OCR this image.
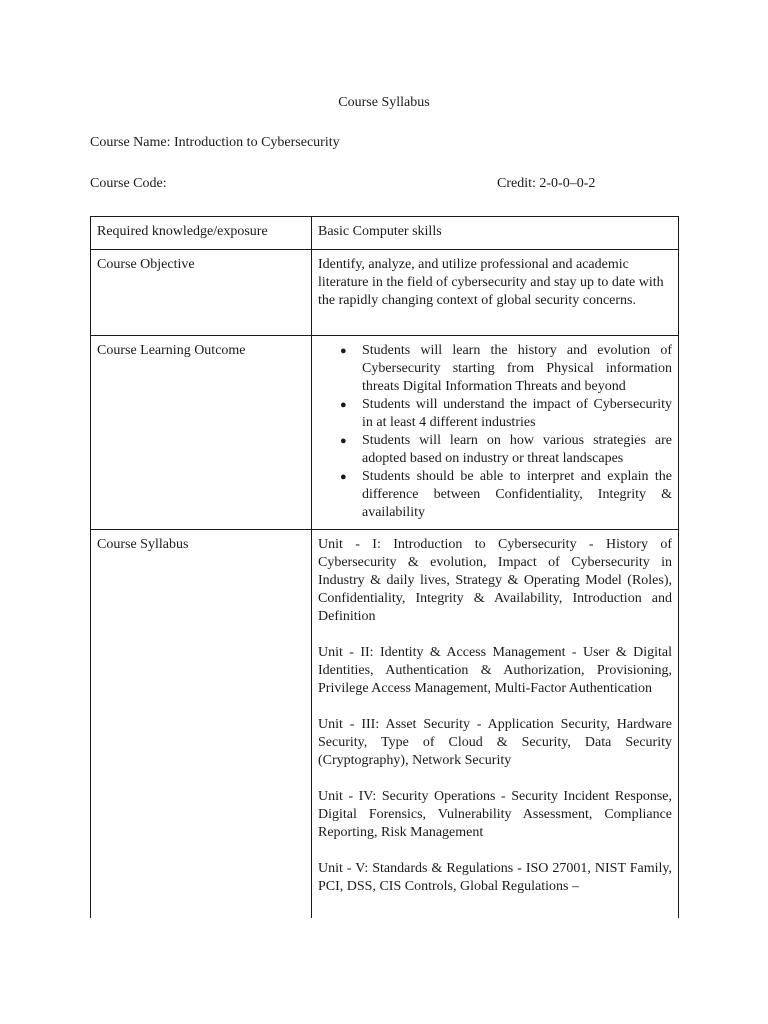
Course Syllabus
Course Name: Introduction to Cybersecurity
Course Code:	Credit: 2-0-0–0-2
Required knowledge/exposure	Basic Computer skills
Course Objective	Identify, analyze, and utilize professional and academic literature in the field of cybersecurity and stay up to date with the rapidly changing context of global security concerns.
Course Learning Outcome	● Students will learn the history and evolution of Cybersecurity starting from Physical information threats Digital Information Threats and beyond
● Students will understand the impact of Cybersecurity in at least 4 different industries
● Students will learn on how various strategies are adopted based on industry or threat landscapes
● Students should be able to interpret and explain the difference between Confidentiality, Integrity & availability
Course Syllabus	Unit - I: Introduction to Cybersecurity - History of Cybersecurity & evolution, Impact of Cybersecurity in Industry & daily lives, Strategy & Operating Model (Roles), Confidentiality, Integrity & Availability, Introduction and Definition

Unit - II: Identity & Access Management - User & Digital Identities, Authentication & Authorization, Provisioning, Privilege Access Management, Multi-Factor Authentication

Unit - III: Asset Security - Application Security, Hardware Security, Type of Cloud & Security, Data Security (Cryptography), Network Security

Unit - IV: Security Operations - Security Incident Response, Digital Forensics, Vulnerability Assessment, Compliance Reporting, Risk Management

Unit - V: Standards & Regulations - ISO 27001, NIST Family, PCI, DSS, CIS Controls, Global Regulations –
